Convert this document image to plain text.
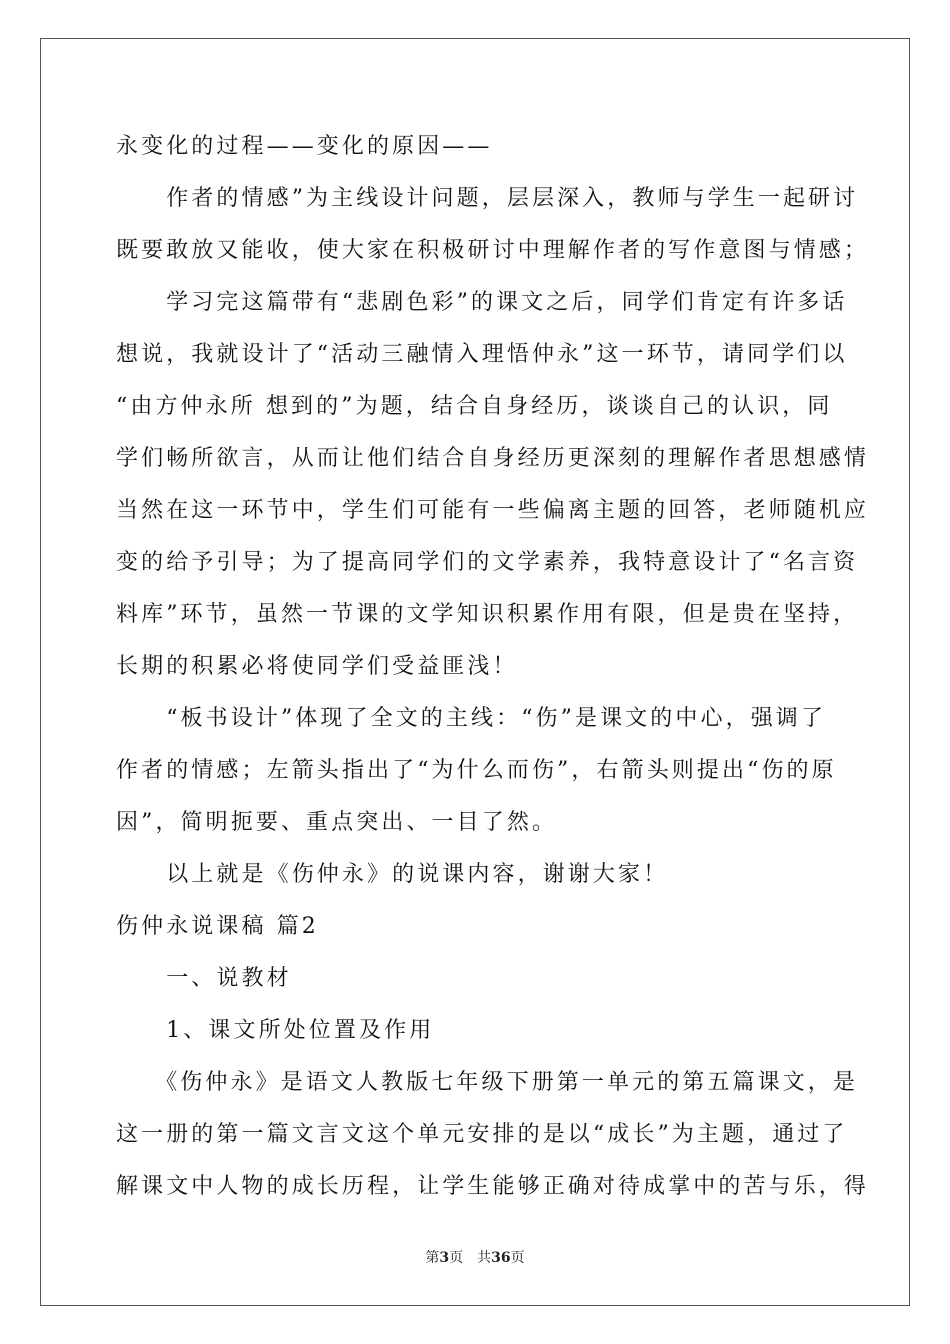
永变化的过程——变化的原因——
　　作者的情感”为主线设计问题，层层深入，教师与学生一起研讨
既要敢放又能收，使大家在积极研讨中理解作者的写作意图与情感；
　　学习完这篇带有“悲剧色彩”的课文之后，同学们肯定有许多话
想说，我就设计了“活动三融情入理悟仲永”这一环节，请同学们以
“由方仲永所 想到的”为题，结合自身经历，谈谈自己的认识，同
学们畅所欲言，从而让他们结合自身经历更深刻的理解作者思想感情
当然在这一环节中，学生们可能有一些偏离主题的回答，老师随机应
变的给予引导；为了提高同学们的文学素养，我特意设计了“名言资
料库”环节，虽然一节课的文学知识积累作用有限，但是贵在坚持，
长期的积累必将使同学们受益匪浅！
　　“板书设计”体现了全文的主线：“伤”是课文的中心，强调了
作者的情感；左箭头指出了“为什么而伤”，右箭头则提出“伤的原
因”，简明扼要、重点突出、一目了然。
　　以上就是《伤仲永》的说课内容，谢谢大家！
伤仲永说课稿 篇2
　　一、说教材
　　1、课文所处位置及作用
　　《伤仲永》是语文人教版七年级下册第一单元的第五篇课文，是
这一册的第一篇文言文这个单元安排的是以“成长”为主题，通过了
解课文中人物的成长历程，让学生能够正确对待成掌中的苦与乐，得
第3页　共36页
